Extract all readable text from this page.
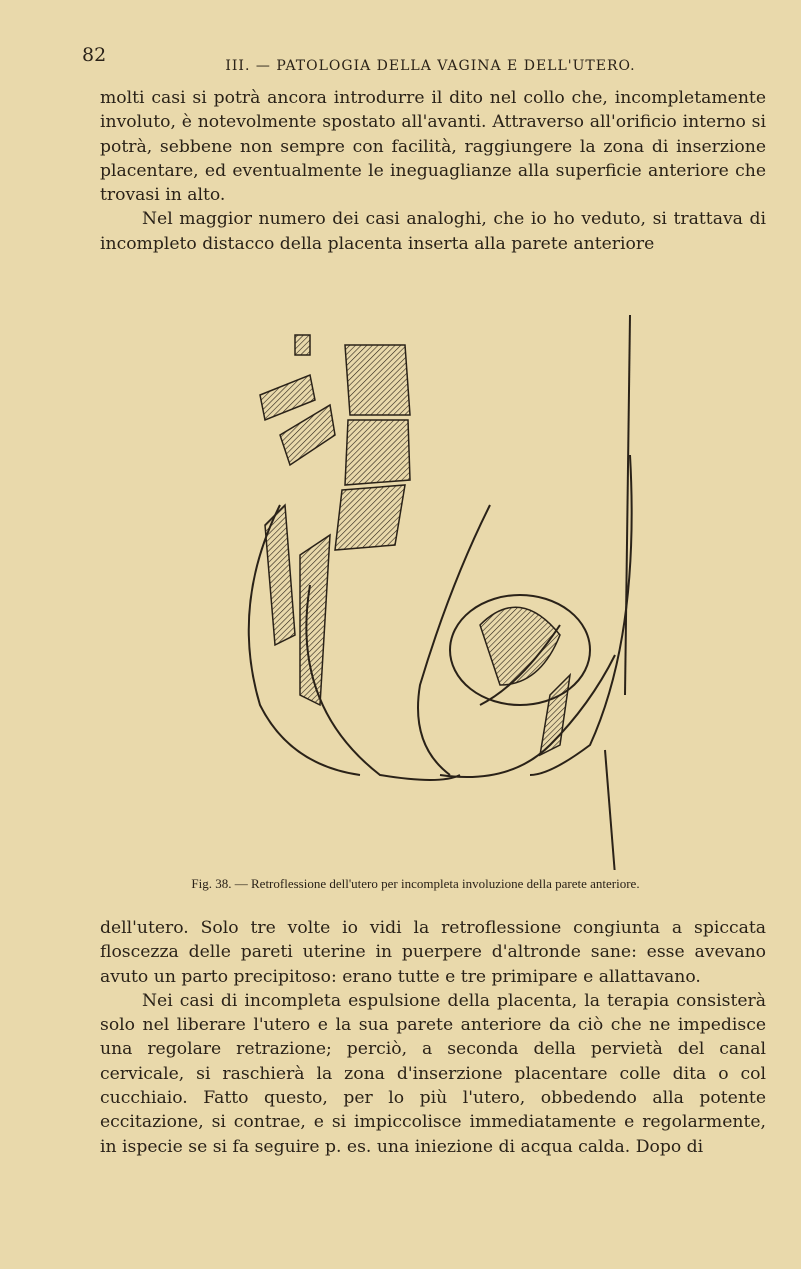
82	III. — PATOLOGIA DELLA VAGINA E DELL'UTERO.

molti casi si potrà ancora introdurre il dito nel collo che, incompletamente involuto, è notevolmente spostato all'avanti. Attraverso all'orificio interno si potrà, sebbene non sempre con facilità, raggiungere la zona di inserzione placentare, ed eventualmente le ineguaglianze alla superficie anteriore che trovasi in alto.

Nel maggior numero dei casi analoghi, che io ho veduto, si trattava di incompleto distacco della placenta inserta alla parete anteriore

Fig. 38. — Retroflessione dell'utero per incompleta involuzione della parete anteriore.

dell'utero. Solo tre volte io vidi la retroflessione congiunta a spiccata floscezza delle pareti uterine in puerpere d'altronde sane: esse avevano avuto un parto precipitoso: erano tutte e tre primipare e allattavano.

Nei casi di incompleta espulsione della placenta, la terapia consisterà solo nel liberare l'utero e la sua parete anteriore da ciò che ne impedisce una regolare retrazione; perciò, a seconda della pervietà del canal cervicale, si raschierà la zona d'inserzione placentare colle dita o col cucchiaio. Fatto questo, per lo più l'utero, obbedendo alla potente eccitazione, si contrae, e si impiccolisce immediatamente e regolarmente, in ispecie se si fa seguire p. es. una iniezione di acqua calda. Dopo di
